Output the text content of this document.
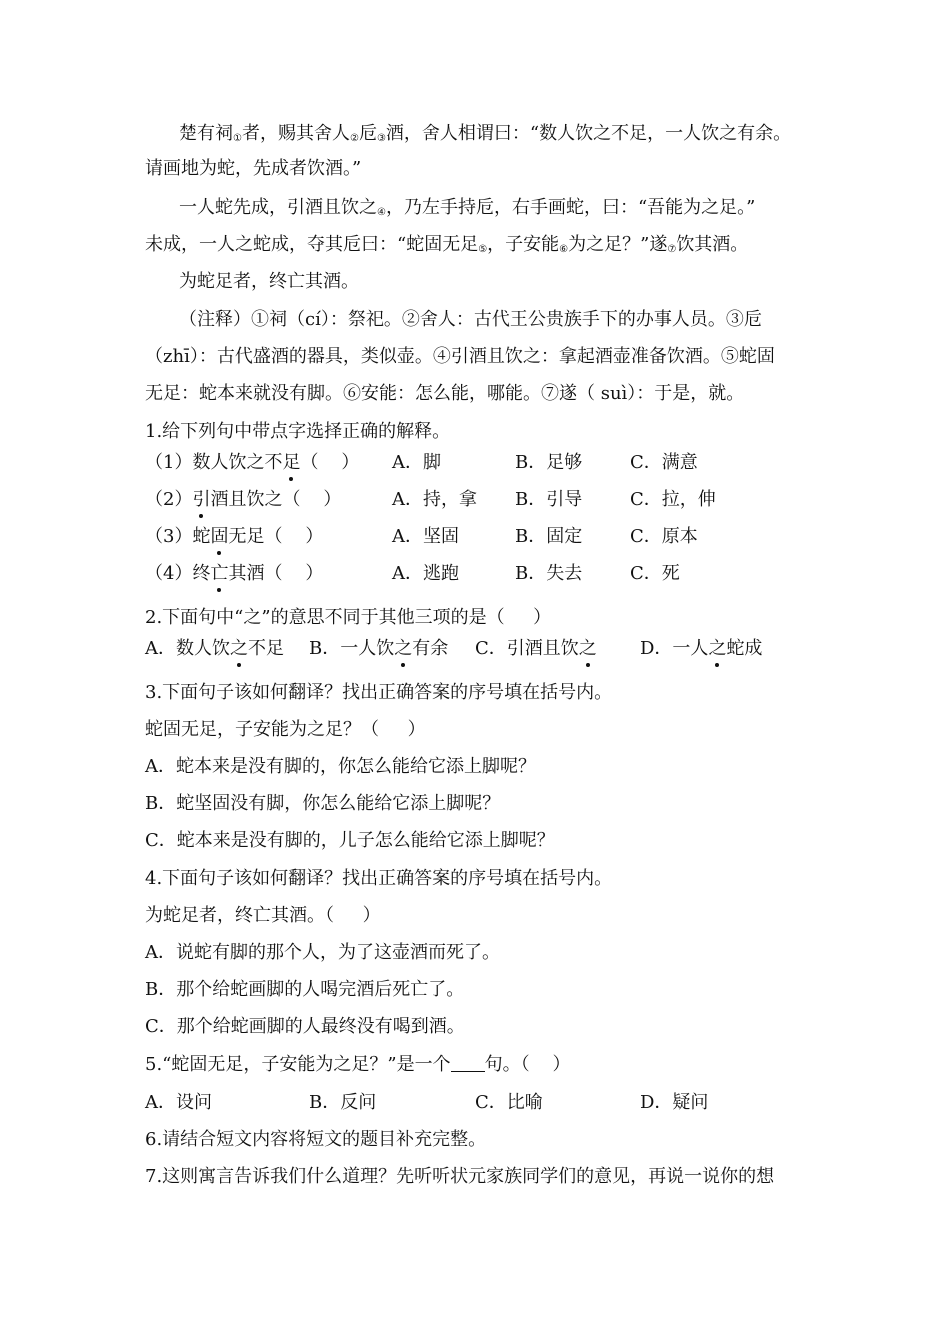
楚有祠$_①$者，赐其舍人$_②$卮$_③$酒，舍人相谓曰：“数人饮之不足，一人饮之有余。
请画地为蛇，先成者饮酒。”
一人蛇先成，引酒且饮之$_④$，乃左手持卮，右手画蛇，曰：“吾能为之足。”
未成，一人之蛇成，夺其卮曰：“蛇固无足$_⑤$，子安能$_⑥$为之足？”遂$_⑦$饮其酒。
为蛇足者，终亡其酒。
（注释）①祠（cí）：祭祀。②舍人：古代王公贵族手下的办事人员。③卮
（zhī）：古代盛酒的器具，类似壶。④引酒且饮之：拿起酒壶准备饮酒。⑤蛇固
无足：蛇本来就没有脚。⑥安能：怎么能，哪能。⑦遂（ suì）：于是，就。
1.给下列句中带点字选择正确的解释。
（1）数人饮之不足（    ） A．脚	B．足够	C．满意
（2）引酒且饮之（    ）	A．持，拿 B．引导	C．拉，伸
（3）蛇固无足（    ）	A．坚固	B．固定	C．原本
（4）终亡其酒（    ）	A．逃跑	B．失去	C．死
2.下面句中“之”的意思不同于其他三项的是（     ）
A．数人饮之不足 B．一人饮之有余 C．引酒且饮之 D．一人之蛇成
3.下面句子该如何翻译？找出正确答案的序号填在括号内。
蛇固无足，子安能为之足？（     ）
A．蛇本来是没有脚的，你怎么能给它添上脚呢？
B．蛇坚固没有脚，你怎么能给它添上脚呢？
C．蛇本来是没有脚的，儿子怎么能给它添上脚呢？
4.下面句子该如何翻译？找出正确答案的序号填在括号内。
为蛇足者，终亡其酒。（     ）
A．说蛇有脚的那个人，为了这壶酒而死了。
B．那个给蛇画脚的人喝完酒后死亡了。
C．那个给蛇画脚的人最终没有喝到酒。
5.“蛇固无足，子安能为之足？”是一个 句。（    ）
A．设问	B．反问	C．比喻	D．疑问
6.请结合短文内容将短文的题目补充完整。
7.这则寓言告诉我们什么道理？先听听状元家族同学们的意见，再说一说你的想
